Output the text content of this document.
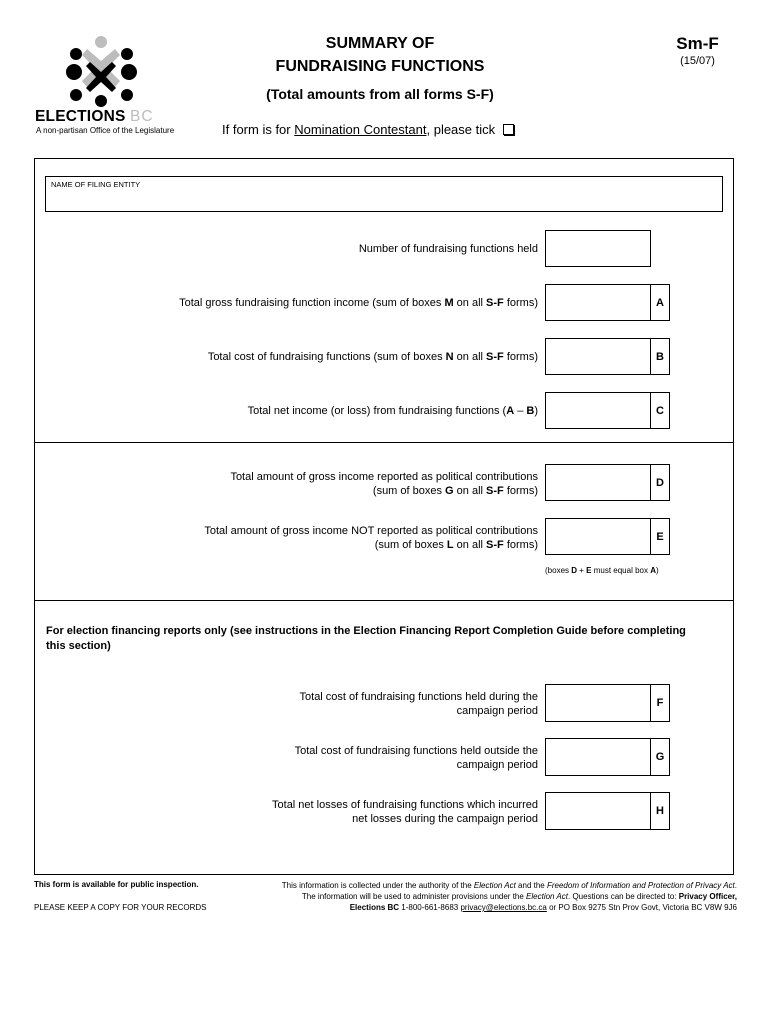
ELECTIONS BC
A non-partisan Office of the Legislature
SUMMARY OF
FUNDRAISING FUNCTIONS
(Total amounts from all forms S-F)
Sm-F
(15/07)
If form is for Nomination Contestant, please tick
NAME OF FILING ENTITY
Number of fundraising functions held
Total gross fundraising function income (sum of boxes M on all S-F forms)	A
Total cost of fundraising functions (sum of boxes N on all S-F forms)	B
Total net income (or loss) from fundraising functions (A – B)	C
Total amount of gross income reported as political contributions
(sum of boxes G on all S-F forms)
D
Total amount of gross income NOT reported as political contributions
(sum of boxes L on all S-F forms)
E
(boxes D + E must equal box A)
For election financing reports only (see instructions in the Election Financing Report Completion Guide before completing this section)
Total cost of fundraising functions held during the
campaign period
F
Total cost of fundraising functions held outside the
campaign period
G
Total net losses of fundraising functions which incurred
net losses during the campaign period
H
This form is available for public inspection.
PLEASE KEEP A COPY FOR YOUR RECORDS
This information is collected under the authority of the Election Act and the Freedom of Information and Protection of Privacy Act.
The information will be used to administer provisions under the Election Act. Questions can be directed to: Privacy Officer,
Elections BC 1-800-661-8683 privacy@elections.bc.ca or PO Box 9275 Stn Prov Govt, Victoria BC V8W 9J6
